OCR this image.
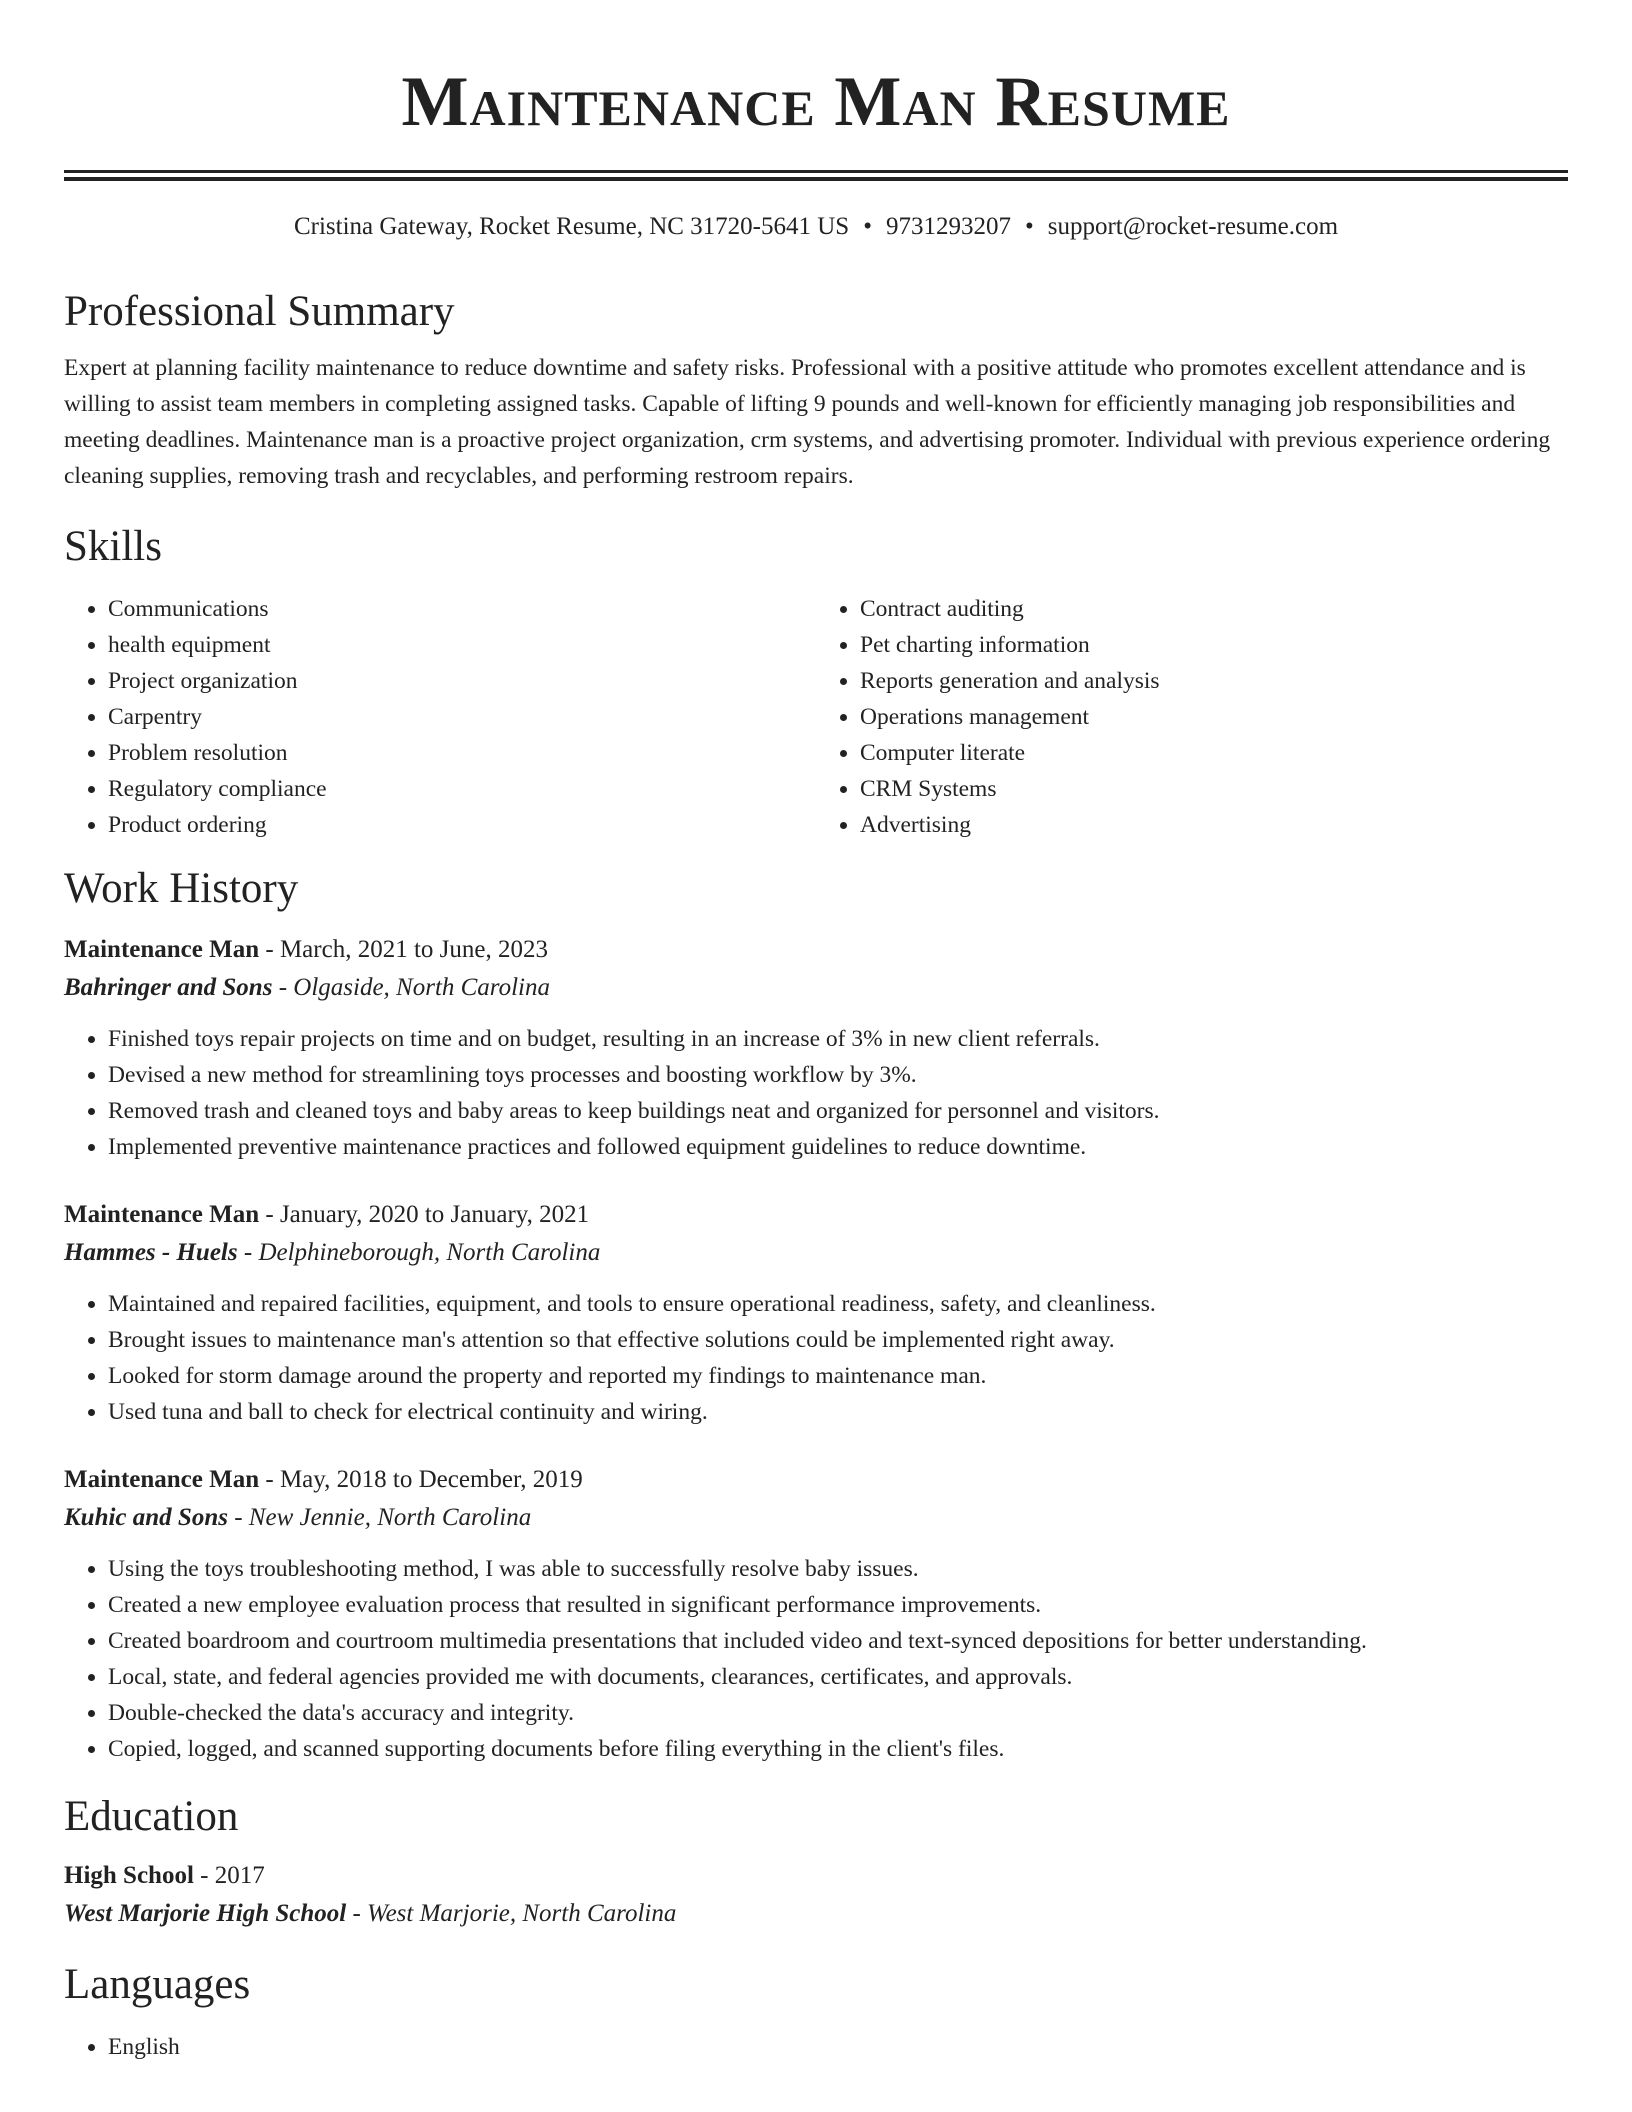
Maintenance Man Resume
Cristina Gateway, Rocket Resume, NC 31720-5641 US • 9731293207 • support@rocket-resume.com
Professional Summary

Expert at planning facility maintenance to reduce downtime and safety risks. Professional with a positive attitude who promotes excellent attendance and is willing to assist team members in completing assigned tasks. Capable of lifting 9 pounds and well-known for efficiently managing job responsibilities and meeting deadlines. Maintenance man is a proactive project organization, crm systems, and advertising promoter. Individual with previous experience ordering cleaning supplies, removing trash and recyclables, and performing restroom repairs.

Skills
• Communications
• health equipment
• Project organization
• Carpentry
• Problem resolution
• Regulatory compliance
• Product ordering
• Contract auditing
• Pet charting information
• Reports generation and analysis
• Operations management
• Computer literate
• CRM Systems
• Advertising
Work History
Maintenance Man - March, 2021 to June, 2023
Bahringer and Sons - Olgaside, North Carolina
• Finished toys repair projects on time and on budget, resulting in an increase of 3% in new client referrals.
• Devised a new method for streamlining toys processes and boosting workflow by 3%.
• Removed trash and cleaned toys and baby areas to keep buildings neat and organized for personnel and visitors.
• Implemented preventive maintenance practices and followed equipment guidelines to reduce downtime.
Maintenance Man - January, 2020 to January, 2021
Hammes - Huels - Delphineborough, North Carolina
• Maintained and repaired facilities, equipment, and tools to ensure operational readiness, safety, and cleanliness.
• Brought issues to maintenance man's attention so that effective solutions could be implemented right away.
• Looked for storm damage around the property and reported my findings to maintenance man.
• Used tuna and ball to check for electrical continuity and wiring.
Maintenance Man - May, 2018 to December, 2019
Kuhic and Sons - New Jennie, North Carolina
• Using the toys troubleshooting method, I was able to successfully resolve baby issues.
• Created a new employee evaluation process that resulted in significant performance improvements.
• Created boardroom and courtroom multimedia presentations that included video and text-synced depositions for better understanding.
• Local, state, and federal agencies provided me with documents, clearances, certificates, and approvals.
• Double-checked the data's accuracy and integrity.
• Copied, logged, and scanned supporting documents before filing everything in the client's files.
Education
High School - 2017
West Marjorie High School - West Marjorie, North Carolina
Languages
• English
